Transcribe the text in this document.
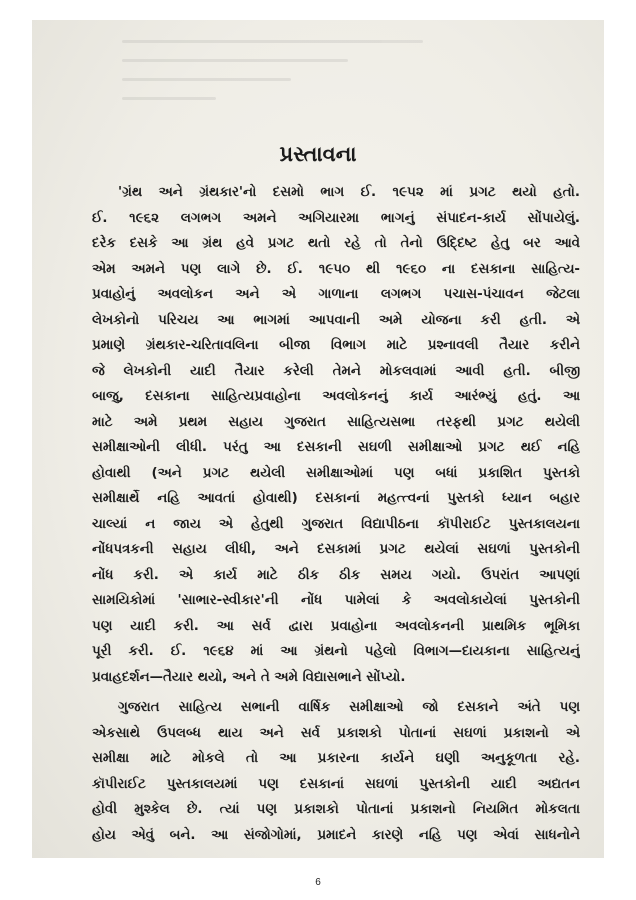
પ્રસ્તાવના
'ગ્રંથ અને ગ્રંથકાર'નો દસમો ભાગ ઈ. ૧૯૫૨ માં પ્રગટ થયો હતો.
ઈ. ૧૯૬૨ લગભગ અમને અગિયારમા ભાગનું સંપાદન-કાર્ય સોંપાયેલું.
દરેક દસકે આ ગ્રંથ હવે પ્રગટ થતો રહે તો તેનો ઉદ્દિષ્ટ હેતુ બર આવે
એમ અમને પણ લાગે છે. ઈ. ૧૯૫૦ થી ૧૯૬૦ ના દસકાના સાહિત્ય-
પ્રવાહોનું અવલોકન અને એ ગાળાના લગભગ પચાસ-પંચાવન જેટલા
લેખકોનો પરિચય આ ભાગમાં આપવાની અમે યોજના કરી હતી. એ
પ્રમાણે ગ્રંથકાર-ચરિતાવલિના બીજા વિભાગ માટે પ્રશ્નાવલી તૈયાર કરીને
જે લેખકોની યાદી તૈયાર કરેલી તેમને મોકલવામાં આવી હતી. બીજી
બાજુ, દસકાના સાહિત્યપ્રવાહોના અવલોકનનું કાર્ય આરંભ્યું હતું. આ
માટે અમે પ્રથમ સહાય ગુજરાત સાહિત્યસભા તરફથી પ્રગટ થયેલી
સમીક્ષાઓની લીધી. પરંતુ આ દસકાની સઘળી સમીક્ષાઓ પ્રગટ થઈ નહિ
હોવાથી (અને પ્રગટ થયેલી સમીક્ષાઓમાં પણ બધાં પ્રકાશિત પુસ્તકો
સમીક્ષાર્થે નહિ આવતાં હોવાથી) દસકાનાં મહત્ત્વનાં પુસ્તકો ધ્યાન બહાર
ચાલ્યાં ન જાય એ હેતુથી ગુજરાત વિદ્યાપીઠના કૉપીરાઈટ પુસ્તકાલયના
નોંધપત્રકની સહાય લીધી, અને દસકામાં પ્રગટ થયેલાં સઘળાં પુસ્તકોની
નોંધ કરી. એ કાર્ય માટે ઠીક ઠીક સમય ગયો. ઉપરાંત આપણાં
સામયિકોમાં 'સાભાર-સ્વીકાર'ની નોંધ પામેલાં કે અવલોકાયેલાં પુસ્તકોની
પણ યાદી કરી. આ સર્વ દ્વારા પ્રવાહોના અવલોકનની પ્રાથમિક ભૂમિકા
પૂરી કરી. ઈ. ૧૯૬૪ માં આ ગ્રંથનો પહેલો વિભાગ—દાયકાના સાહિત્યનું
પ્રવાહદર્શન—તૈયાર થયો, અને તે અમે વિદ્યાસભાને સોંપ્યો.
ગુજરાત સાહિત્ય સભાની વાર્ષિક સમીક્ષાઓ જો દસકાને અંતે પણ
એકસાથે ઉપલબ્ધ થાય અને સર્વ પ્રકાશકો પોતાનાં સઘળાં પ્રકાશનો એ
સમીક્ષા માટે મોકલે તો આ પ્રકારના કાર્યને ઘણી અનુકૂળતા રહે.
કૉપીરાઈટ પુસ્તકાલયમાં પણ દસકાનાં સઘળાં પુસ્તકોની યાદી અદ્યતન
હોવી મુશ્કેલ છે. ત્યાં પણ પ્રકાશકો પોતાનાં પ્રકાશનો નિયમિત મોકલતા
હોય એવું બને. આ સંજોગોમાં, પ્રમાદને કારણે નહિ પણ એવાં સાધનોને
6
